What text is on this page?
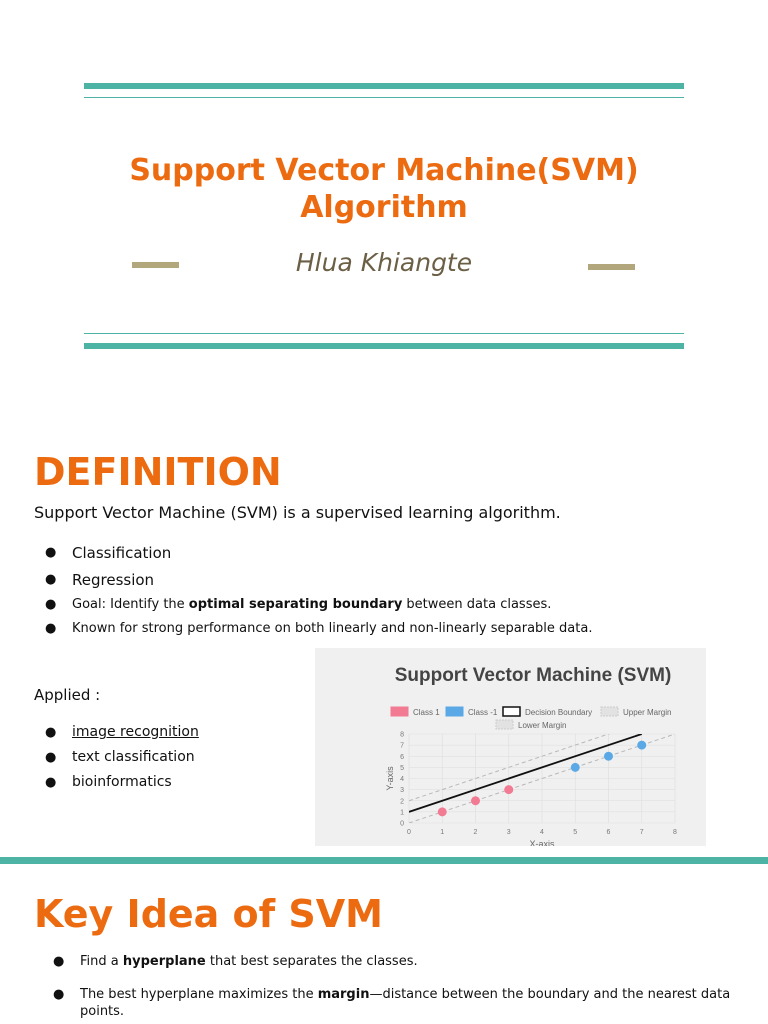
Support Vector Machine(SVM)
Algorithm
Hlua Khiangte
DEFINITION
Support Vector Machine (SVM) is a supervised learning algorithm.
● Classification
● Regression
● Goal: Identify the optimal separating boundary between data classes.
● Known for strong performance on both linearly and non-linearly separable data.
Applied :
● image recognition
● text classification
● bioinformatics
Support Vector Machine (SVM)
Class 1	Class -1	Decision Boundary	Upper Margin
Lower Margin
0	1	2	3	4	5	6	7	8
0
1
2
3
4
5
6
7
8
X-axis
Y-axis
Key Idea of SVM
● Find a hyperplane that best separates the classes.
● The best hyperplane maximizes the margin—distance between the boundary and the nearest data
points.
